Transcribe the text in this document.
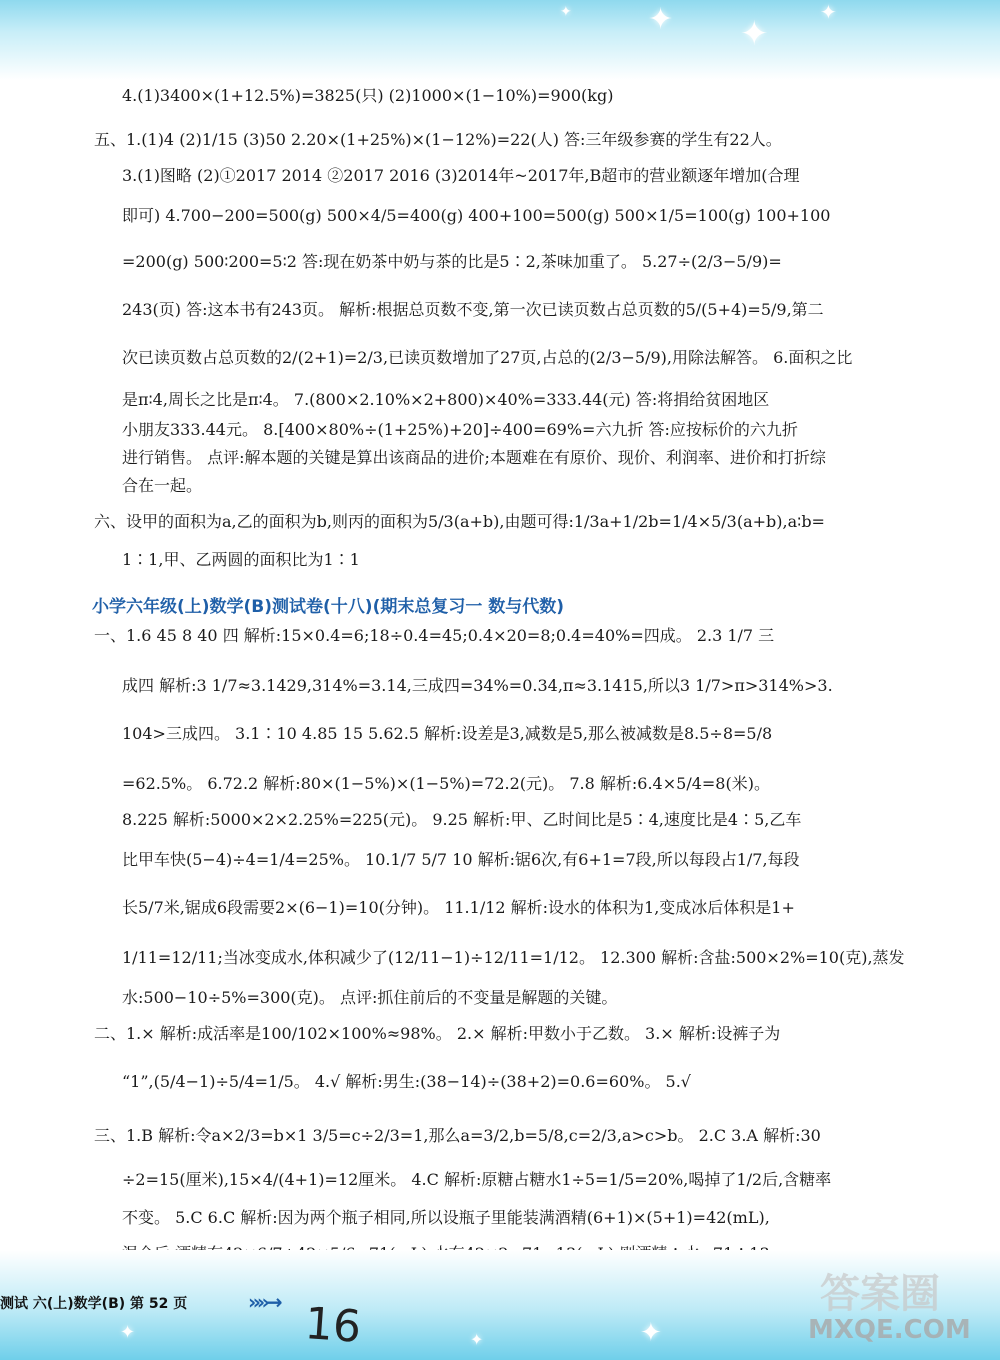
✦ ✦
✦
✦
4.(1)3400×(1+12.5%)=3825(只) (2)1000×(1−10%)=900(kg)
五、1.(1)4 (2)1/15 (3)50 2.20×(1+25%)×(1−12%)=22(人) 答:三年级参赛的学生有22人。
3.(1)图略 (2)①2017 2014 ②2017 2016 (3)2014年~2017年,B超市的营业额逐年增加(合理
即可) 4.700−200=500(g) 500×4/5=400(g) 400+100=500(g) 500×1/5=100(g) 100+100
=200(g) 500∶200=5∶2 答:现在奶茶中奶与茶的比是5∶2,茶味加重了。 5.27÷(2/3−5/9)=
243(页) 答:这本书有243页。 解析:根据总页数不变,第一次已读页数占总页数的5/(5+4)=5/9,第二
次已读页数占总页数的2/(2+1)=2/3,已读页数增加了27页,占总的(2/3−5/9),用除法解答。 6.面积之比
是π∶4,周长之比是π∶4。 7.(800×2.10%×2+800)×40%=333.44(元) 答:将捐给贫困地区
小朋友333.44元。 8.[400×80%÷(1+25%)+20]÷400=69%=六九折 答:应按标价的六九折
进行销售。 点评:解本题的关键是算出该商品的进价;本题难在有原价、现价、利润率、进价和打折综
合在一起。
六、设甲的面积为a,乙的面积为b,则丙的面积为5/3(a+b),由题可得:1/3a+1/2b=1/4×5/3(a+b),a∶b=
1∶1,甲、乙两圆的面积比为1∶1
一、1.6 45 8 40 四 解析:15×0.4=6;18÷0.4=45;0.4×20=8;0.4=40%=四成。 2.3 1/7 三
成四 解析:3 1/7≈3.1429,314%=3.14,三成四=34%=0.34,π≈3.1415,所以3 1/7>π>314%>3.
104>三成四。 3.1∶10 4.85 15 5.62.5 解析:设差是3,减数是5,那么被减数是8.5÷8=5/8
=62.5%。 6.72.2 解析:80×(1−5%)×(1−5%)=72.2(元)。 7.8 解析:6.4×5/4=8(米)。
8.225 解析:5000×2×2.25%=225(元)。 9.25 解析:甲、乙时间比是5∶4,速度比是4∶5,乙车
比甲车快(5−4)÷4=1/4=25%。 10.1/7 5/7 10 解析:锯6次,有6+1=7段,所以每段占1/7,每段
长5/7米,锯成6段需要2×(6−1)=10(分钟)。 11.1/12 解析:设水的体积为1,变成冰后体积是1+
1/11=12/11;当冰变成水,体积减少了(12/11−1)÷12/11=1/12。 12.300 解析:含盐:500×2%=10(克),蒸发
水:500−10÷5%=300(克)。 点评:抓住前后的不变量是解题的关键。
二、1.× 解析:成活率是100/102×100%≈98%。 2.× 解析:甲数小于乙数。 3.× 解析:设裤子为
“1”,(5/4−1)÷5/4=1/5。 4.√ 解析:男生:(38−14)÷(38+2)=0.6=60%。 5.√
三、1.B 解析:令a×2/3=b×1 3/5=c÷2/3=1,那么a=3/2,b=5/8,c=2/3,a>c>b。 2.C 3.A 解析:30
÷2=15(厘米),15×4/(4+1)=12厘米。 4.C 解析:原糖占糖水1÷5=1/5=20%,喝掉了1/2后,含糖率
不变。 5.C 6.C 解析:因为两个瓶子相同,所以设瓶子里能装满酒精(6+1)×(5+1)=42(mL),
小学六年级(上)数学(B)测试卷(十八)(期末总复习一 数与代数)
✦	✦	✦
测试 六(上)数学(B) 第 52 页	»»→ 16
答案圈
MXQE.COM
